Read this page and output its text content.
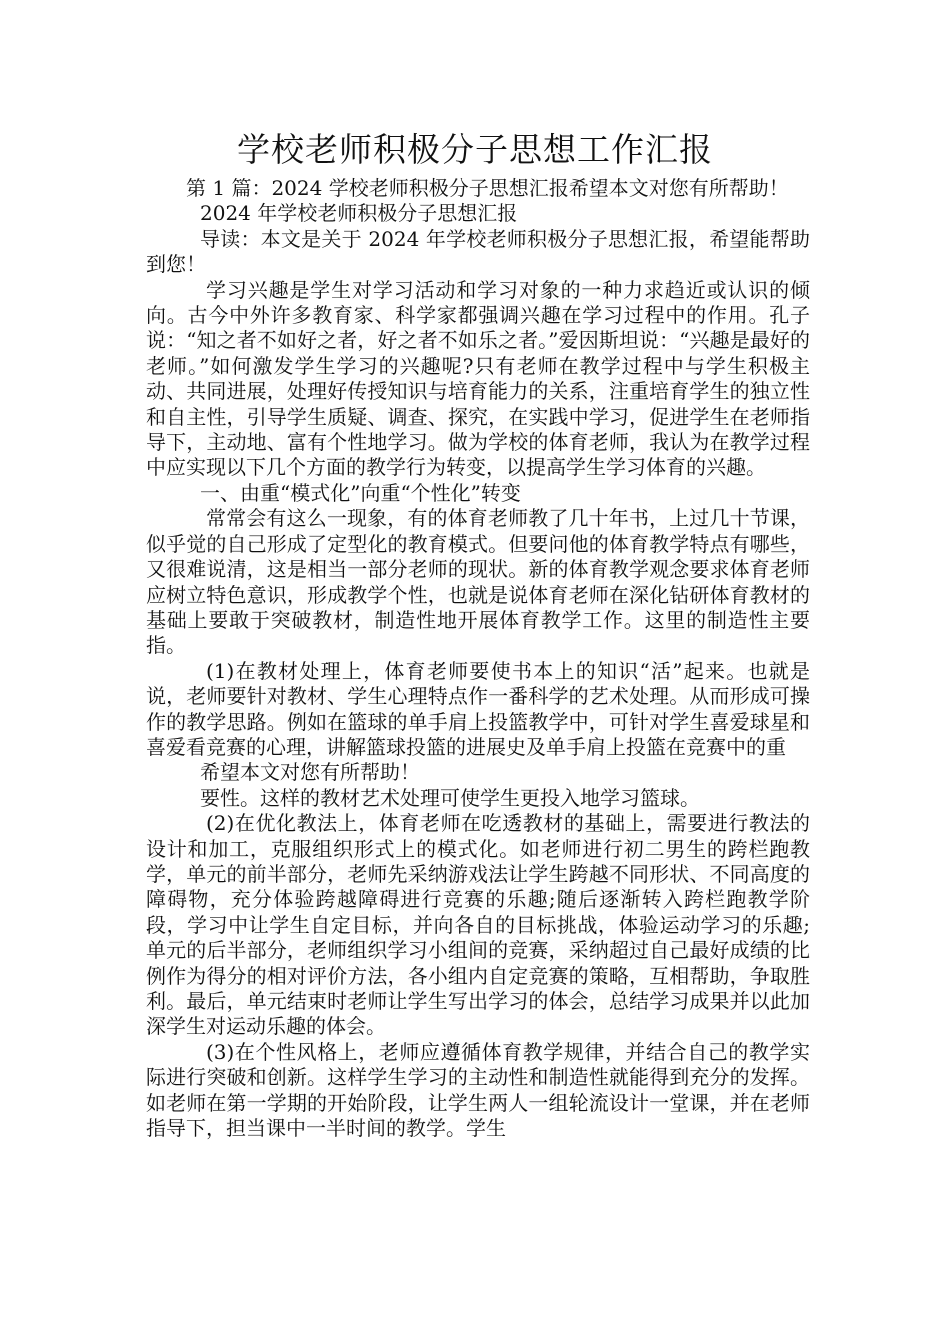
学校老师积极分子思想工作汇报

第 1 篇：2024 学校老师积极分子思想汇报希望本文对您有所帮助！

2024 年学校老师积极分子思想汇报

导读：本文是关于 2024 年学校老师积极分子思想汇报，希望能帮助到您！

学习兴趣是学生对学习活动和学习对象的一种力求趋近或认识的倾向。古今中外许多教育家、科学家都强调兴趣在学习过程中的作用。孔子说：“知之者不如好之者，好之者不如乐之者。”爱因斯坦说：“兴趣是最好的老师。”如何激发学生学习的兴趣呢?只有老师在教学过程中与学生积极主动、共同进展，处理好传授知识与培育能力的关系，注重培育学生的独立性和自主性，引导学生质疑、调查、探究，在实践中学习，促进学生在老师指导下，主动地、富有个性地学习。做为学校的体育老师，我认为在教学过程中应实现以下几个方面的教学行为转变，以提高学生学习体育的兴趣。

一、由重“模式化”向重“个性化”转变

常常会有这么一现象，有的体育老师教了几十年书，上过几十节课，似乎觉的自己形成了定型化的教育模式。但要问他的体育教学特点有哪些，又很难说清，这是相当一部分老师的现状。新的体育教学观念要求体育老师应树立特色意识，形成教学个性，也就是说体育老师在深化钻研体育教材的基础上要敢于突破教材，制造性地开展体育教学工作。这里的制造性主要指。

(1)在教材处理上，体育老师要使书本上的知识“活”起来。也就是说，老师要针对教材、学生心理特点作一番科学的艺术处理。从而形成可操作的教学思路。例如在篮球的单手肩上投篮教学中，可针对学生喜爱球星和喜爱看竞赛的心理，讲解篮球投篮的进展史及单手肩上投篮在竞赛中的重

希望本文对您有所帮助！

要性。这样的教材艺术处理可使学生更投入地学习篮球。

(2)在优化教法上，体育老师在吃透教材的基础上，需要进行教法的设计和加工，克服组织形式上的模式化。如老师进行初二男生的跨栏跑教学，单元的前半部分，老师先采纳游戏法让学生跨越不同形状、不同高度的障碍物，充分体验跨越障碍进行竞赛的乐趣;随后逐渐转入跨栏跑教学阶段，学习中让学生自定目标，并向各自的目标挑战，体验运动学习的乐趣;单元的后半部分，老师组织学习小组间的竞赛，采纳超过自己最好成绩的比例作为得分的相对评价方法，各小组内自定竞赛的策略，互相帮助，争取胜利。最后，单元结束时老师让学生写出学习的体会，总结学习成果并以此加深学生对运动乐趣的体会。

(3)在个性风格上，老师应遵循体育教学规律，并结合自己的教学实际进行突破和创新。这样学生学习的主动性和制造性就能得到充分的发挥。如老师在第一学期的开始阶段，让学生两人一组轮流设计一堂课，并在老师指导下，担当课中一半时间的教学。学生
